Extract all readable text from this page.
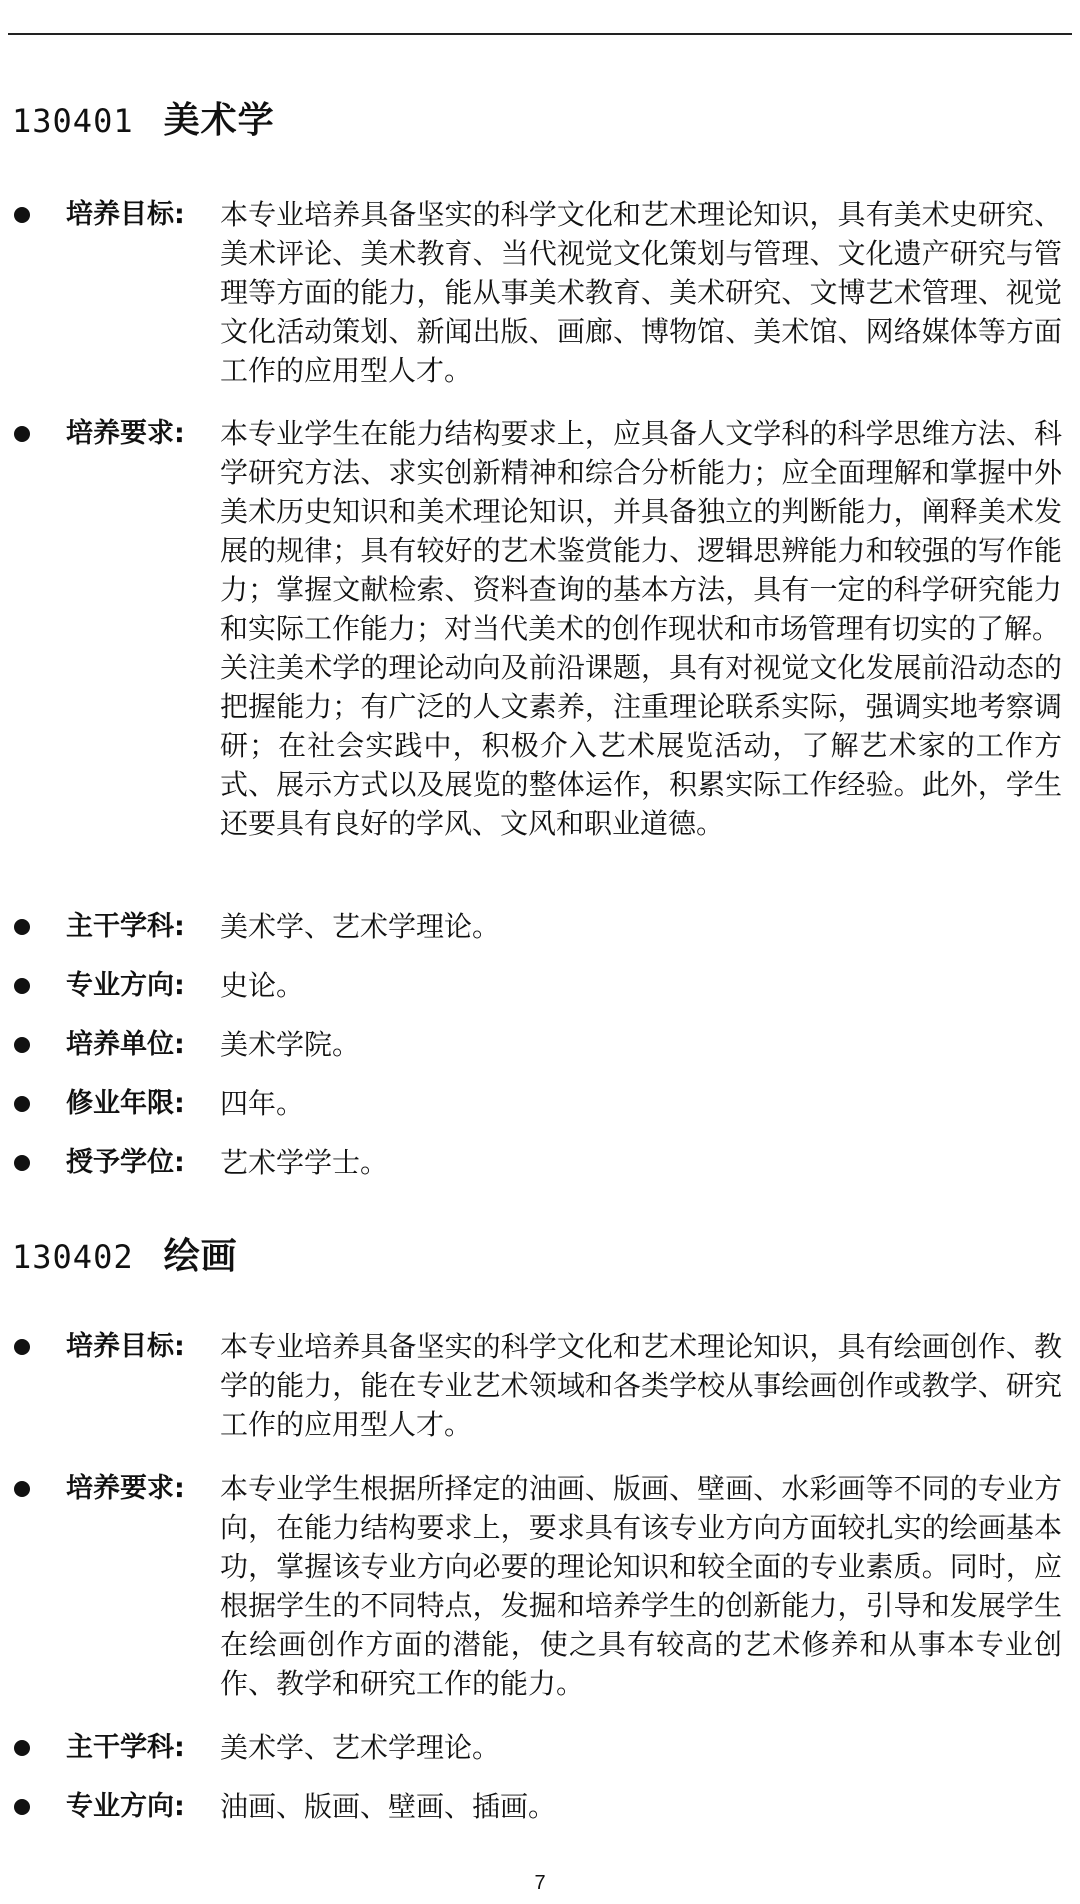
130401 美术学
培养目标: 本专业培养具备坚实的科学文化和艺术理论知识，具有美术史研究、美术评论、美术教育、当代视觉文化策划与管理、文化遗产研究与管理等方面的能力，能从事美术教育、美术研究、文博艺术管理、视觉文化活动策划、新闻出版、画廊、博物馆、美术馆、网络媒体等方面工作的应用型人才。
培养要求: 本专业学生在能力结构要求上，应具备人文学科的科学思维方法、科学研究方法、求实创新精神和综合分析能力；应全面理解和掌握中外美术历史知识和美术理论知识，并具备独立的判断能力，阐释美术发展的规律；具有较好的艺术鉴赏能力、逻辑思辨能力和较强的写作能力；掌握文献检索、资料查询的基本方法，具有一定的科学研究能力和实际工作能力；对当代美术的创作现状和市场管理有切实的了解。
关注美术学的理论动向及前沿课题，具有对视觉文化发展前沿动态的把握能力；有广泛的人文素养，注重理论联系实际，强调实地考察调研；在社会实践中，积极介入艺术展览活动，了解艺术家的工作方式、展示方式以及展览的整体运作，积累实际工作经验。此外，学生还要具有良好的学风、文风和职业道德。
主干学科: 美术学、艺术学理论。
专业方向: 史论。
培养单位: 美术学院。
修业年限: 四年。
授予学位: 艺术学学士。
130402 绘画
培养目标: 本专业培养具备坚实的科学文化和艺术理论知识，具有绘画创作、教学的能力，能在专业艺术领域和各类学校从事绘画创作或教学、研究工作的应用型人才。
培养要求: 本专业学生根据所择定的油画、版画、壁画、水彩画等不同的专业方向，在能力结构要求上，要求具有该专业方向方面较扎实的绘画基本功，掌握该专业方向必要的理论知识和较全面的专业素质。同时，应根据学生的不同特点，发掘和培养学生的创新能力，引导和发展学生在绘画创作方面的潜能，使之具有较高的艺术修养和从事本专业创作、教学和研究工作的能力。
主干学科: 美术学、艺术学理论。
专业方向: 油画、版画、壁画、插画。
7
